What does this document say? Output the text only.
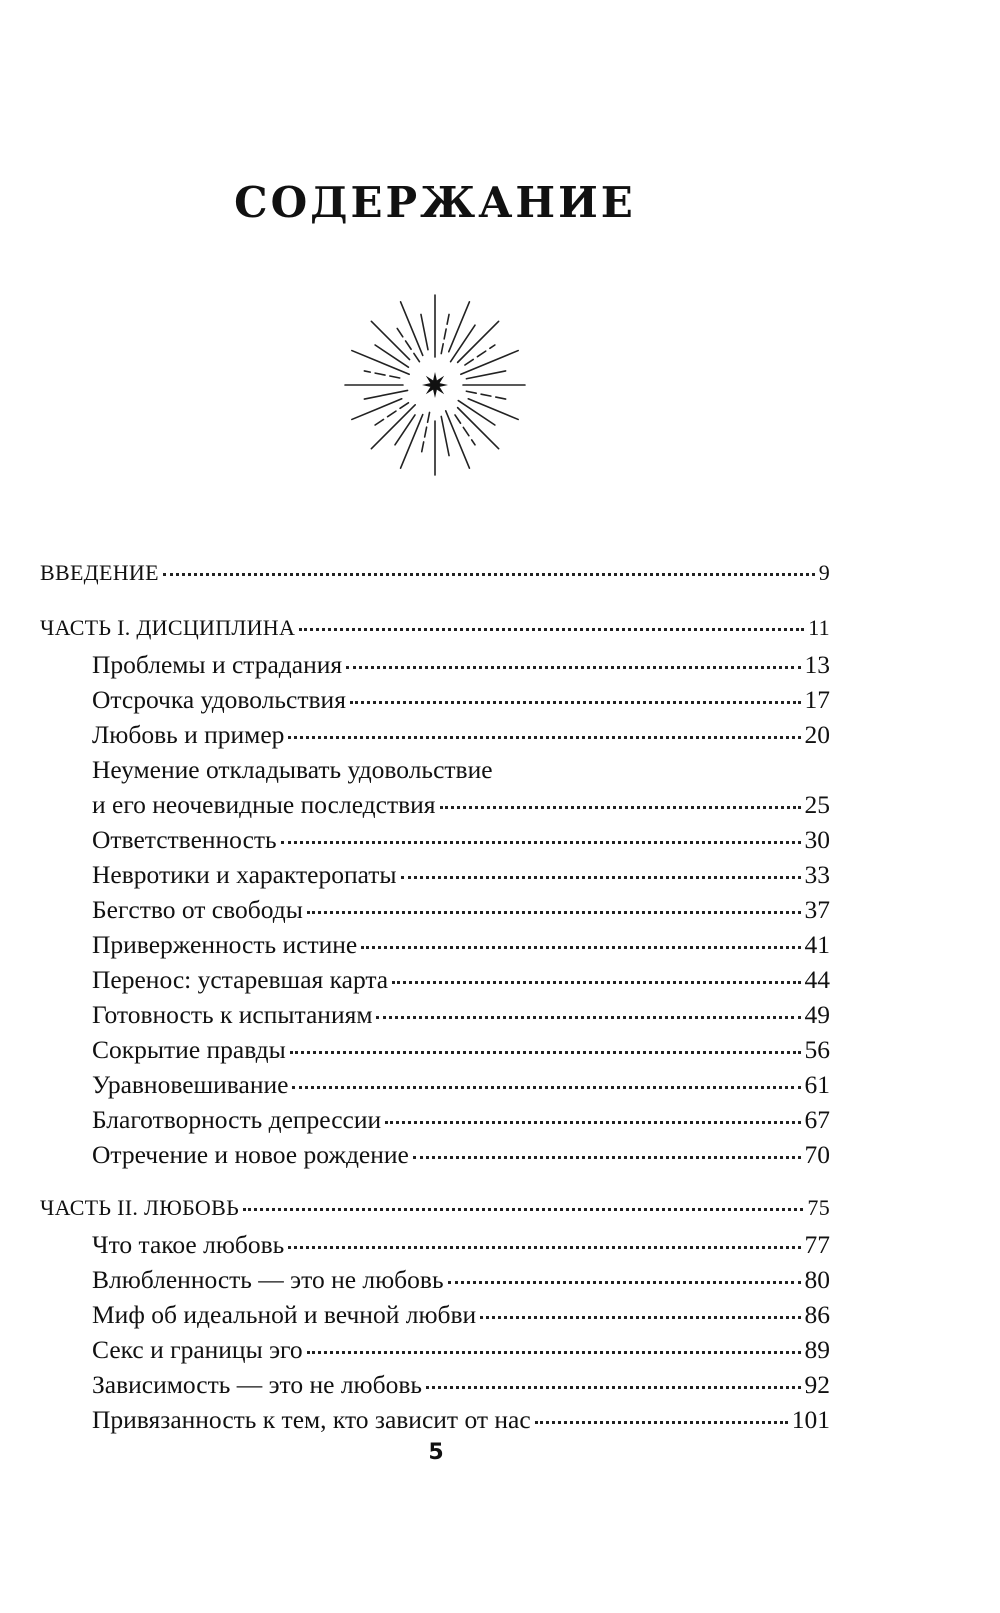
СОДЕРЖАНИЕ
ВВЕДЕНИЕ	9
ЧАСТЬ I. ДИСЦИПЛИНА	11
Проблемы и страдания	13
Отсрочка удовольствия	17
Любовь и пример	20
Неумение откладывать удовольствие
и его неочевидные последствия	25
Ответственность	30
Невротики и характеропаты	33
Бегство от свободы	37
Приверженность истине	41
Перенос: устаревшая карта	44
Готовность к испытаниям	49
Сокрытие правды	56
Уравновешивание	61
Благотворность депрессии	67
Отречение и новое рождение	70
ЧАСТЬ II. ЛЮБОВЬ	75
Что такое любовь	77
Влюбленность — это не любовь	80
Миф об идеальной и вечной любви	86
Секс и границы эго	89
Зависимость — это не любовь	92
Привязанность к тем, кто зависит от нас	101
5
